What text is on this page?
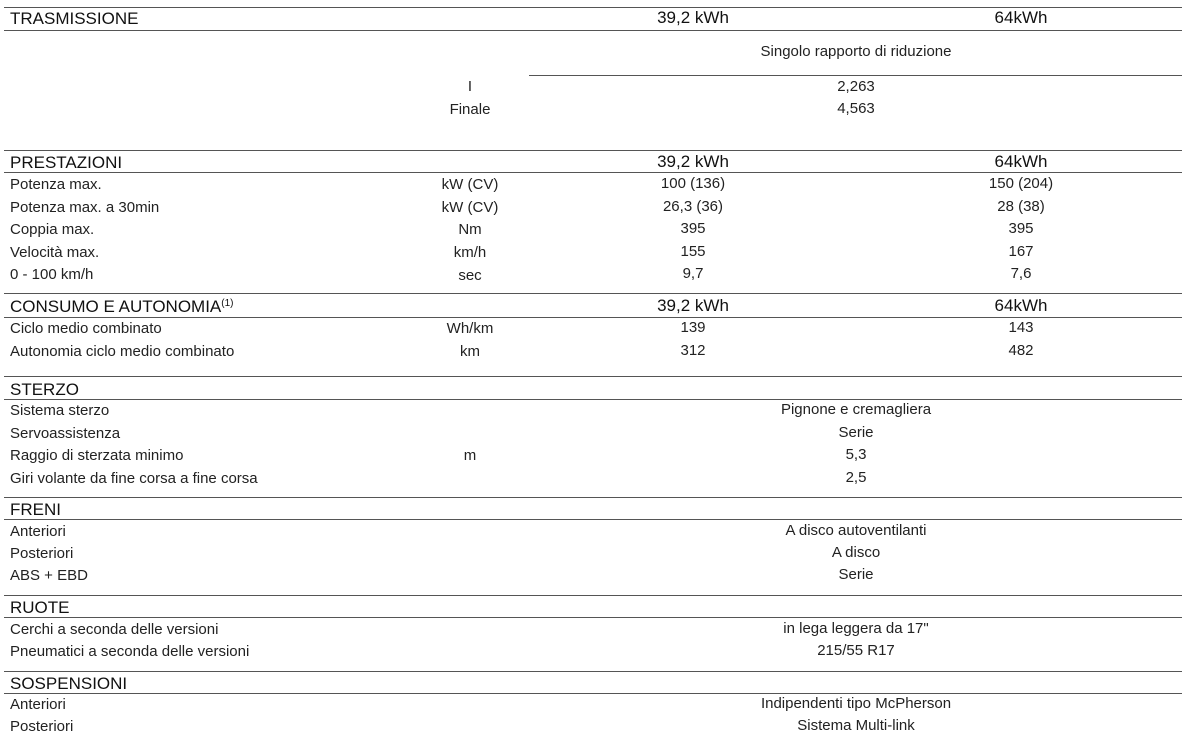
TRASMISSIONE	39,2 kWh	64kWh
Singolo rapporto di riduzione
I	2,263
Finale	4,563
PRESTAZIONI	39,2 kWh	64kWh
Potenza max.	kW (CV)	100 (136)	150 (204)
Potenza max. a 30min	kW (CV)	26,3 (36)	28 (38)
Coppia max.	Nm	395	395
Velocità max.	km/h	155	167
0 - 100 km/h	sec	9,7	7,6
CONSUMO E AUTONOMIA$^{(1)}$	39,2 kWh	64kWh
Ciclo medio combinato	Wh/km	139	143
Autonomia ciclo medio combinato	km	312	482
STERZO
Sistema sterzo	Pignone e cremagliera
Servoassistenza	Serie
Raggio di sterzata minimo	m	5,3
Giri volante da fine corsa a fine corsa	2,5
FRENI
Anteriori	A disco autoventilanti
Posteriori	A disco
ABS + EBD	Serie
RUOTE
Cerchi a seconda delle versioni	in lega leggera da 17"
Pneumatici a seconda delle versioni	215/55 R17
SOSPENSIONI
Anteriori	Indipendenti tipo McPherson
Posteriori	Sistema Multi-link
